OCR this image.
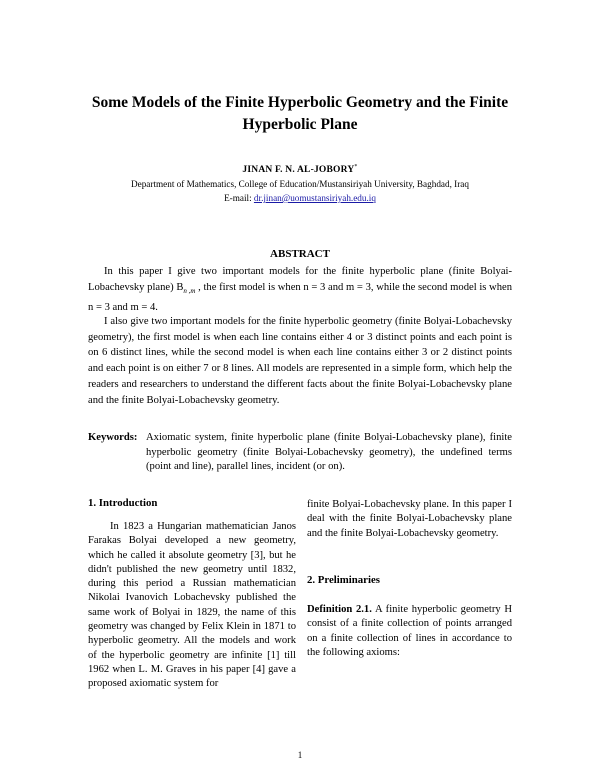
Some Models of the Finite Hyperbolic Geometry and the Finite Hyperbolic Plane
JINAN F. N. AL-JOBORY*
Department of Mathematics, College of Education/Mustansiriyah University, Baghdad, Iraq
E-mail: dr.jinan@uomustansiriyah.edu.iq
ABSTRACT

In this paper I give two important models for the finite hyperbolic plane (finite Bolyai-Lobachevsky plane) $B_{n ,m}$ , the first model is when n = 3 and m = 3, while the second model is when n = 3 and m = 4.

I also give two important models for the finite hyperbolic geometry (finite Bolyai-Lobachevsky geometry), the first model is when each line contains either 4 or 3 distinct points and each point is on 6 distinct lines, while the second model is when each line contains either 3 or 2 distinct points and each point is on either 7 or 8 lines. All models are represented in a simple form, which help the readers and researchers to understand the different facts about the finite Bolyai-Lobachevsky plane and the finite Bolyai-Lobachevsky geometry.

Keywords: Axiomatic system, finite hyperbolic plane (finite Bolyai-Lobachevsky plane), finite hyperbolic geometry (finite Bolyai-Lobachevsky geometry), the undefined terms (point and line), parallel lines, incident (or on).
1. Introduction

In 1823 a Hungarian mathematician Janos Farakas Bolyai developed a new geometry, which he called it absolute geometry [3], but he didn't published the new geometry until 1832, during this period a Russian mathematician Nikolai Ivanovich Lobachevsky published the same work of Bolyai in 1829, the name of this geometry was changed by Felix Klein in 1871 to hyperbolic geometry. All the models and work of the hyperbolic geometry are infinite [1] till 1962 when L. M. Graves in his paper [4] gave a proposed axiomatic system for

finite Bolyai-Lobachevsky plane. In this paper I deal with the finite Bolyai-Lobachevsky plane and the finite Bolyai-Lobachevsky geometry.

2. Preliminaries

Definition 2.1. A finite hyperbolic geometry H consist of a finite collection of points arranged on a finite collection of lines in accordance to the following axioms:

1
